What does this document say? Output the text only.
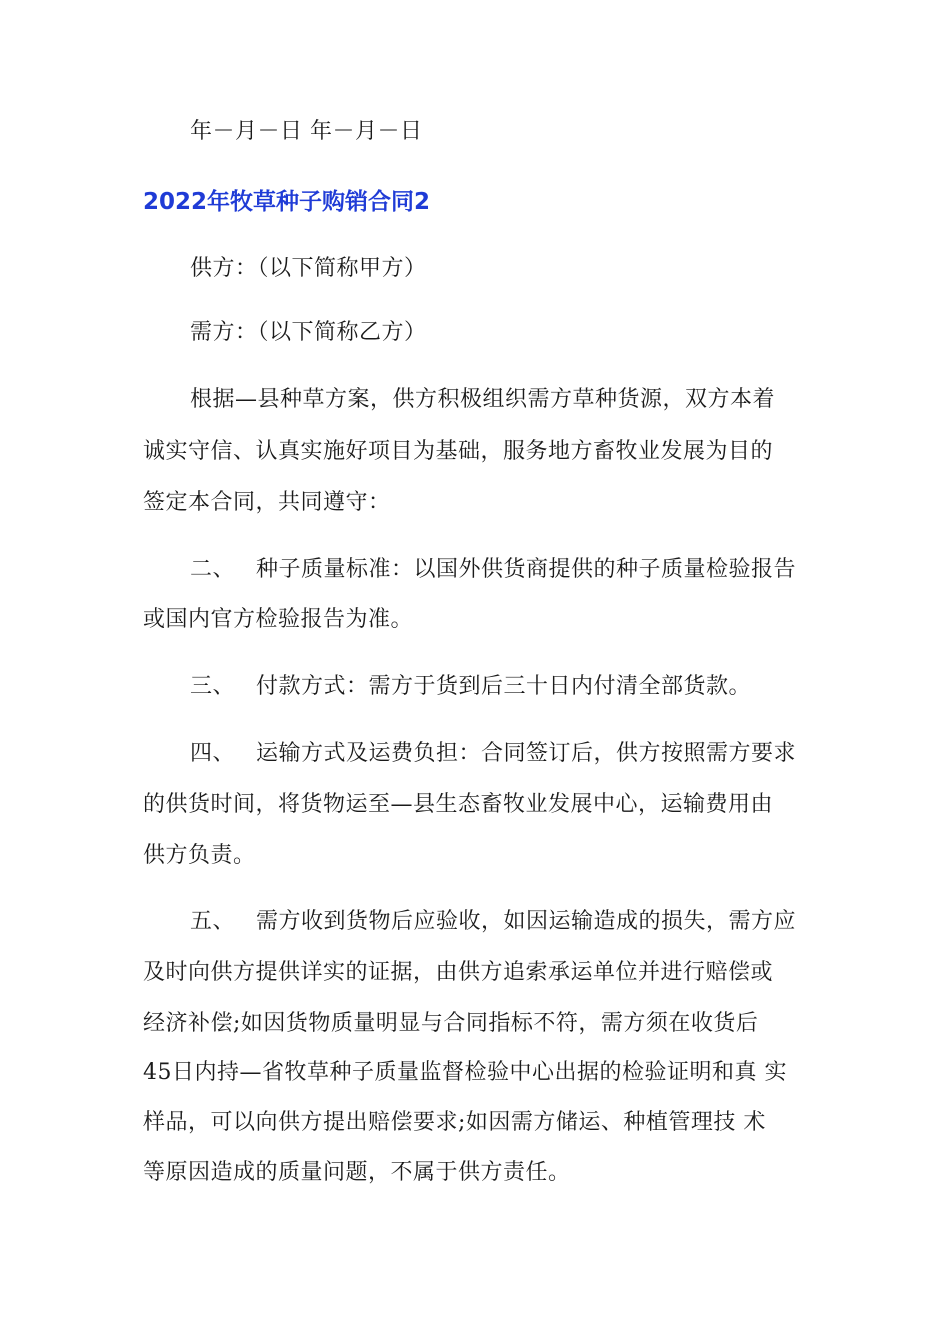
年－月－日 年－月－日
2022年牧草种子购销合同2
供方：（以下简称甲方）
需方：（以下简称乙方）
根据—县种草方案，供方积极组织需方草种货源，双方本着
诚实守信、认真实施好项目为基础，服务地方畜牧业发展为目的
签定本合同，共同遵守：
二、 种子质量标准：以国外供货商提供的种子质量检验报告
或国内官方检验报告为准。
三、 付款方式：需方于货到后三十日内付清全部货款。
四、 运输方式及运费负担：合同签订后，供方按照需方要求
的供货时间，将货物运至—县生态畜牧业发展中心，运输费用由
供方负责。
五、 需方收到货物后应验收，如因运输造成的损失，需方应
及时向供方提供详实的证据，由供方追索承运单位并进行赔偿或
经济补偿;如因货物质量明显与合同指标不符，需方须在收货后
45日内持—省牧草种子质量监督检验中心出据的检验证明和真 实
样品，可以向供方提出赔偿要求;如因需方储运、种植管理技 术
等原因造成的质量问题，不属于供方责任。
